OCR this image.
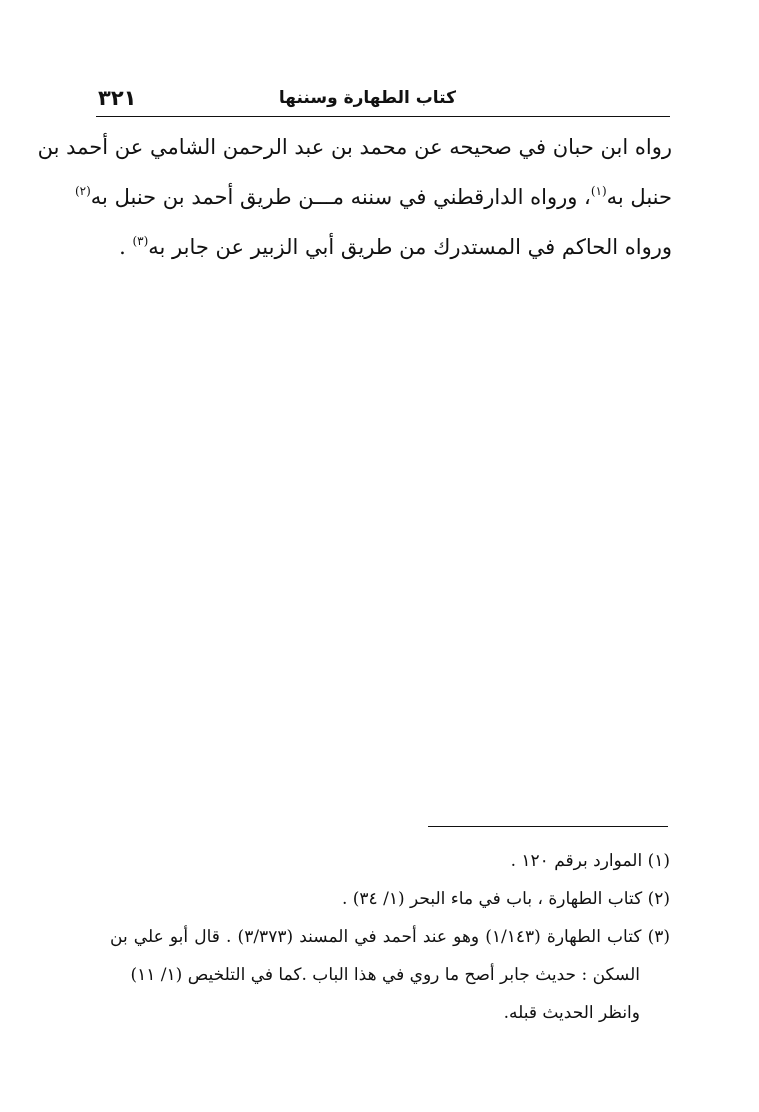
كتاب الطهارة وسننها
٣٢١
رواه ابن حبان في صحيحه عن محمد بن عبد الرحمن الشامي عن أحمد بن
حنبل به$^{(١)}$، ورواه الدارقطني في سننه مـــن طريق أحمد بن حنبل به$^{(٢)}$
ورواه الحاكم في المستدرك من طريق أبي الزبير عن جابر به$^{(٣)}$ .
(١) الموارد برقم ١٢٠ .
(٢) كتاب الطهارة ، باب في ماء البحر (١/ ٣٤) .
(٣) كتاب الطهارة (١/١٤٣) وهو عند أحمد في المسند (٣/٣٧٣) . قال أبو علي بن
السكن : حديث جابر أصح ما روي في هذا الباب .كما في التلخيص (١/ ١١)
وانظر الحديث قبله.
